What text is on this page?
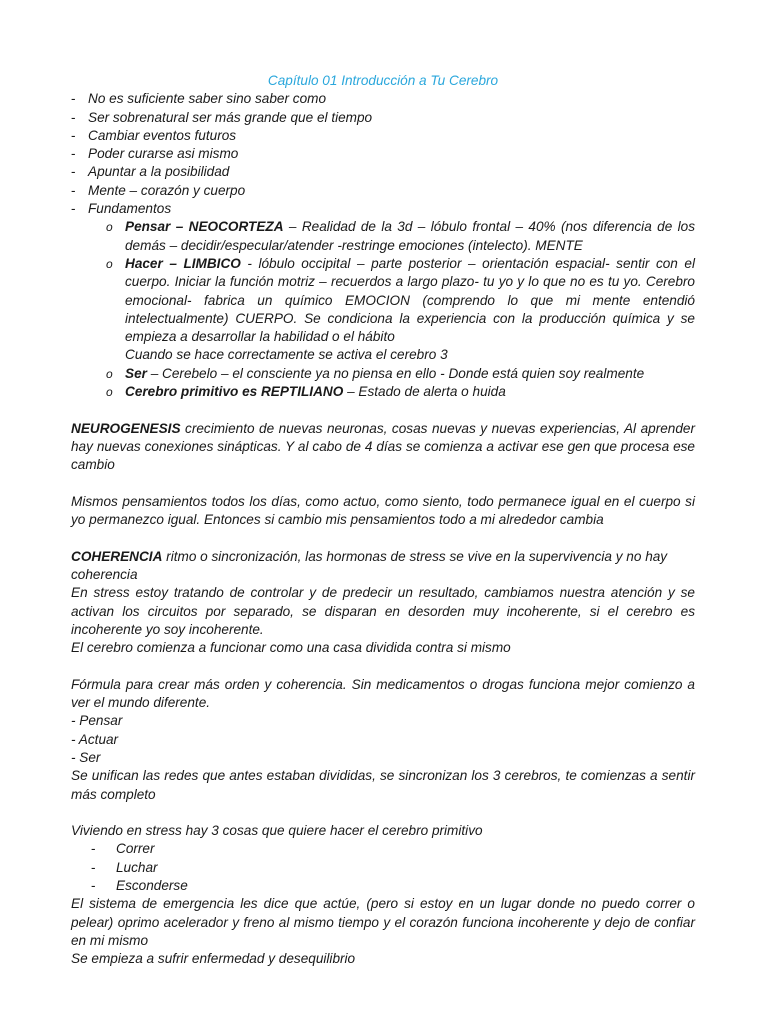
Capítulo 01 Introducción a Tu Cerebro

- No es suficiente saber sino saber como
- Ser sobrenatural ser más grande que el tiempo
- Cambiar eventos futuros
- Poder curarse asi mismo
- Apuntar a la posibilidad
- Mente – corazón y cuerpo
- Fundamentos
o Pensar – NEOCORTEZA – Realidad de la 3d – lóbulo frontal – 40% (nos diferencia de los demás – decidir/especular/atender -restringe emociones (intelecto). MENTE
o Hacer – LIMBICO - lóbulo occipital – parte posterior – orientación espacial- sentir con el cuerpo. Iniciar la función motriz – recuerdos a largo plazo- tu yo y lo que no es tu yo. Cerebro emocional- fabrica un químico EMOCION (comprendo lo que mi mente entendió intelectualmente) CUERPO. Se condiciona la experiencia con la producción química y se empieza a desarrollar la habilidad o el hábito
Cuando se hace correctamente se activa el cerebro 3
o Ser – Cerebelo – el consciente ya no piensa en ello - Donde está quien soy realmente
o Cerebro primitivo es REPTILIANO – Estado de alerta o huida

NEUROGENESIS crecimiento de nuevas neuronas, cosas nuevas y nuevas experiencias, Al aprender hay nuevas conexiones sinápticas. Y al cabo de 4 días se comienza a activar ese gen que procesa ese cambio

Mismos pensamientos todos los días, como actuo, como siento, todo permanece igual en el cuerpo si yo permanezco igual. Entonces si cambio mis pensamientos todo a mi alrededor cambia

COHERENCIA ritmo o sincronización, las hormonas de stress se vive en la supervivencia y no hay coherencia

En stress estoy tratando de controlar y de predecir un resultado, cambiamos nuestra atención y se activan los circuitos por separado, se disparan en desorden muy incoherente, si el cerebro es incoherente yo soy incoherente.

El cerebro comienza a funcionar como una casa dividida contra si mismo

Fórmula para crear más orden y coherencia. Sin medicamentos o drogas funciona mejor comienzo a ver el mundo diferente.

- Pensar

- Actuar

- Ser

Se unifican las redes que antes estaban divididas, se sincronizan los 3 cerebros, te comienzas a sentir más completo

Viviendo en stress hay 3 cosas que quiere hacer el cerebro primitivo

- Correr
- Luchar
- Esconderse

El sistema de emergencia les dice que actúe, (pero si estoy en un lugar donde no puedo correr o pelear) oprimo acelerador y freno al mismo tiempo y el corazón funciona incoherente y dejo de confiar en mi mismo

Se empieza a sufrir enfermedad y desequilibrio
